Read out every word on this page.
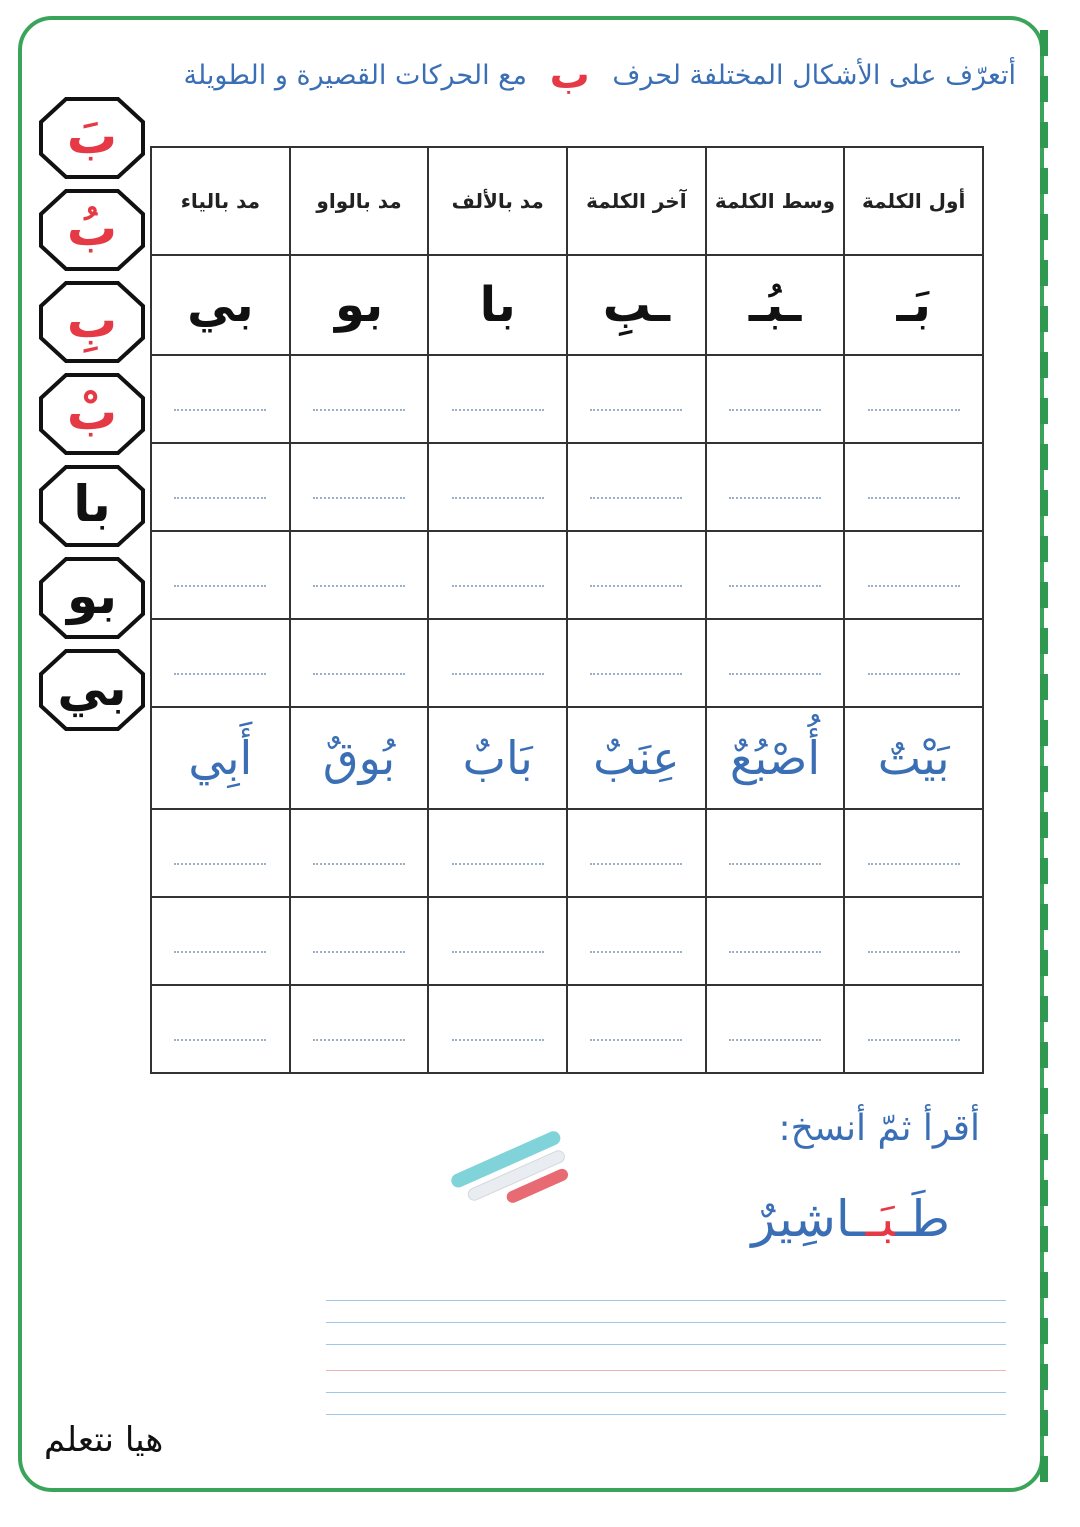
أتعرّف على الأشكال المختلفة لحرف ب مع الحركات القصيرة و الطويلة
بَ
بُ
بِ
بْ
با
بو
بي
أول الكلمة	وسط الكلمة	آخر الكلمة	مد بالألف	مد بالواو	مد بالياء
بَـ	ـبُـ	ـبِ	با	بو	بي

بَيْتٌ	أُصْبُعٌ	عِنَبٌ	بَابٌ	بُوقٌ	أَبِي

أقرأ ثمّ أنسخ:
طَـبَــاشِيرٌ
هيا نتعلم
